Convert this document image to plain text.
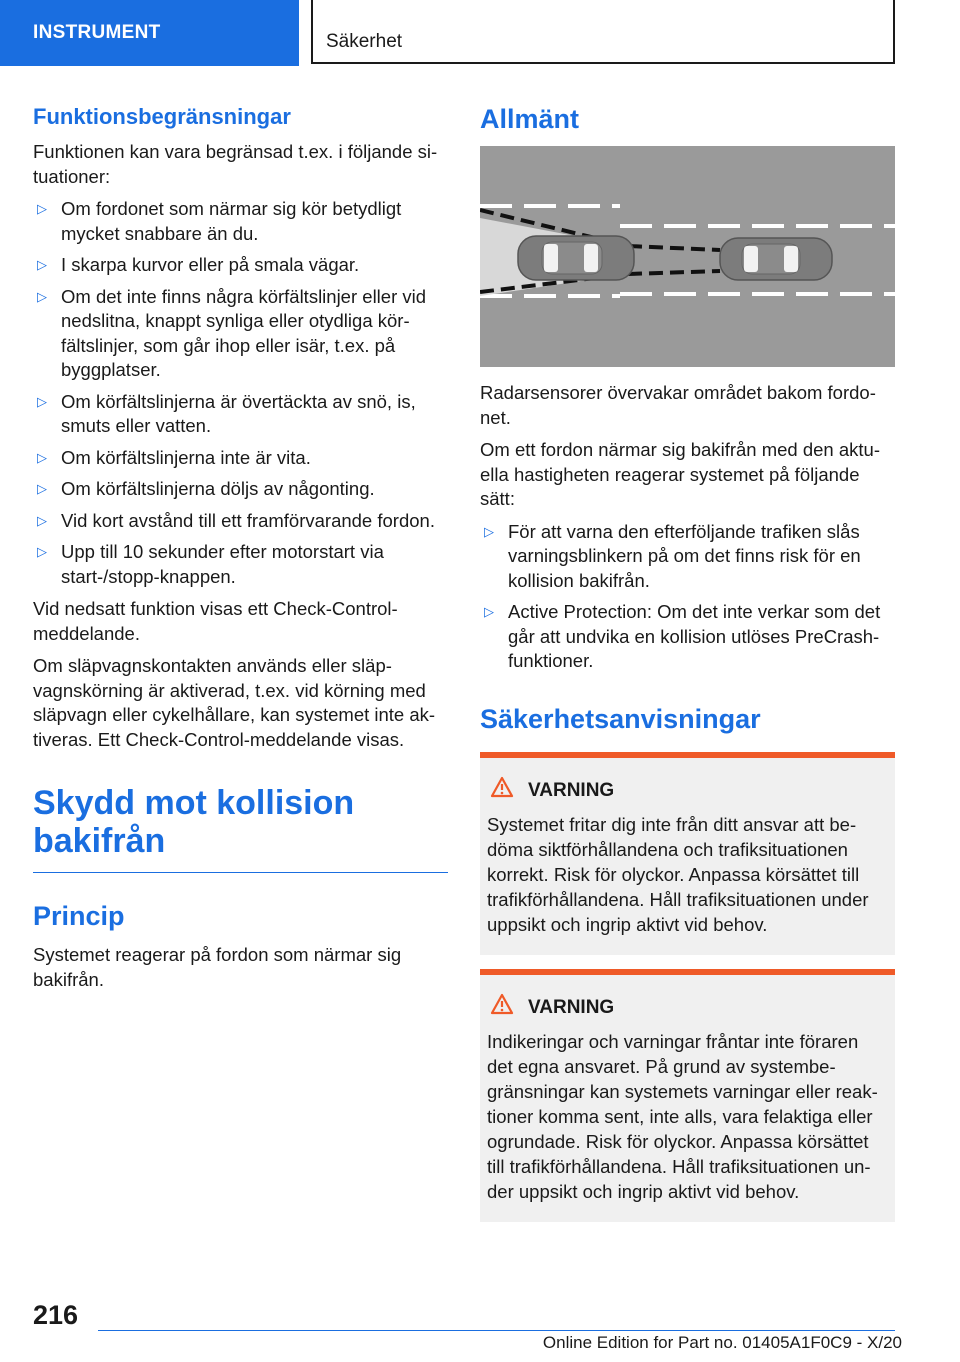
INSTRUMENT	Säkerhet
Funktionsbegränsningar

Funktionen kan vara begränsad t.ex. i följande si-tuationer:

▷ Om fordonet som närmar sig kör betydligt mycket snabbare än du.
▷ I skarpa kurvor eller på smala vägar.
▷ Om det inte finns några körfältslinjer eller vid nedslitna, knappt synliga eller otydliga kör-fältslinjer, som går ihop eller isär, t.ex. på byggplatser.
▷ Om körfältslinjerna är övertäckta av snö, is, smuts eller vatten.
▷ Om körfältslinjerna inte är vita.
▷ Om körfältslinjerna döljs av någonting.
▷ Vid kort avstånd till ett framförvarande fordon.
▷ Upp till 10 sekunder efter motorstart via start-/stopp-knappen.

Vid nedsatt funktion visas ett Check-Control-meddelande.

Om släpvagnskontakten används eller släp-vagnskörning är aktiverad, t.ex. vid körning med släpvagn eller cykelhållare, kan systemet inte ak-tiveras. Ett Check-Control-meddelande visas.

Skydd mot kollision bakifrån
Princip

Systemet reagerar på fordon som närmar sig bakifrån.

Allmänt

Radarsensorer övervakar området bakom fordo-net.

Om ett fordon närmar sig bakifrån med den aktu-ella hastigheten reagerar systemet på följande sätt:

▷ För att varna den efterföljande trafiken slås varningsblinkern på om det finns risk för en kollision bakifrån.
▷ Active Protection: Om det inte verkar som det går att undvika en kollision utlöses PreCrash-funktioner.
Säkerhetsanvisningar
VARNING

Systemet fritar dig inte från ditt ansvar att be-döma siktförhållandena och trafiksituationen korrekt. Risk för olyckor. Anpassa körsättet till trafikförhållandena. Håll trafiksituationen under uppsikt och ingrip aktivt vid behov.

VARNING

Indikeringar och varningar fråntar inte föraren det egna ansvaret. På grund av systembe-gränsningar kan systemets varningar eller reak-tioner komma sent, inte alls, vara felaktiga eller ogrundade. Risk för olyckor. Anpassa körsättet till trafikförhållandena. Håll trafiksituationen un-der uppsikt och ingrip aktivt vid behov.

216
Online Edition for Part no. 01405A1F0C9 - X/20
